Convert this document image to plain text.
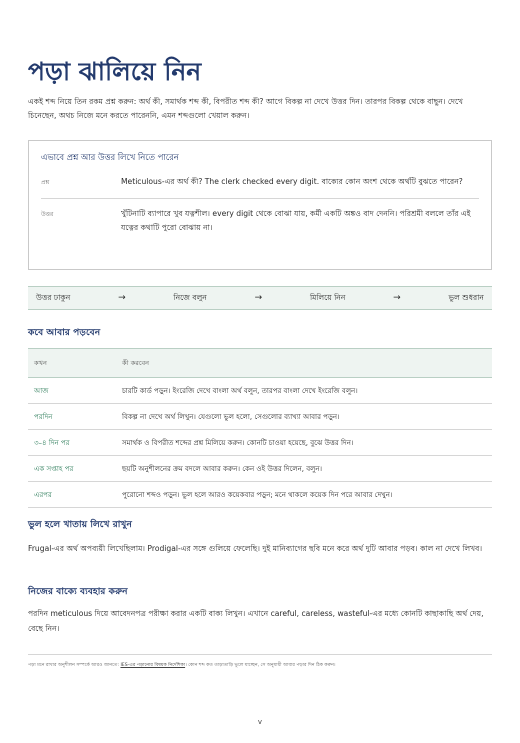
পড়া ঝালিয়ে নিন

একই শব্দ নিয়ে তিন রকম প্রশ্ন করুন: অর্থ কী, সমার্থক শব্দ কী, বিপরীত শব্দ কী? আগে বিকল্প না দেখে উত্তর দিন। তারপর বিকল্প থেকে বাছুন। দেখে চিনেছেন, অথচ নিজে মনে করতে পারেননি, এমন শব্দগুলো খেয়াল করুন।

এভাবে প্রশ্ন আর উত্তর লিখে নিতে পারেন
প্রশ্ন	Meticulous-এর অর্থ কী? The clerk checked every digit. বাক্যের কোন অংশ থেকে অর্থটি বুঝতে পারেন?
উত্তর	খুঁটিনাটি ব্যাপারে খুব যত্নশীল। every digit থেকে বোঝা যায়, কর্মী একটি অঙ্কও বাদ দেননি। পরিশ্রমী বললে তাঁর এই যত্নের কথাটি পুরো বোঝায় না।
উত্তর ঢাকুন	→	নিজে বলুন	→	মিলিয়ে নিন	→	ভুল শুধরান
কবে আবার পড়বেন
কখন	কী করবেন
আজ	চারটি কার্ড পড়ুন। ইংরেজি দেখে বাংলা অর্থ বলুন, তারপর বাংলা দেখে ইংরেজি বলুন।
পরদিন	বিকল্প না দেখে অর্থ লিখুন। যেগুলো ভুল হলো, সেগুলোর ব্যাখ্যা আবার পড়ুন।
৩–৪ দিন পর	সমার্থক ও বিপরীত শব্দের প্রশ্ন মিলিয়ে করুন। কোনটি চাওয়া হয়েছে, বুঝে উত্তর দিন।
এক সপ্তাহ পর	ছয়টি অনুশীলনের ক্রম বদলে আবার করুন। কেন ওই উত্তর দিলেন, বলুন।
এরপর	পুরোনো শব্দও পড়ুন। ভুল হলে আরও কয়েকবার পড়ুন; মনে থাকলে কয়েক দিন পরে আবার দেখুন।
ভুল হলে খাতায় লিখে রাখুন

Frugal-এর অর্থ অপব্যয়ী লিখেছিলাম। Prodigal-এর সঙ্গে গুলিয়ে ফেলেছি। দুই মানিব্যাগের ছবি মনে করে অর্থ দুটি আবার পড়ব। কাল না দেখে লিখব।

নিজের বাক্যে ব্যবহার করুন

পরদিন meticulous দিয়ে আবেদনপত্র পরীক্ষা করার একটি বাক্য লিখুন। এখানে careful, careless, wasteful-এর মধ্যে কোনটি কাছাকাছি অর্থ দেয়, বেছে নিন।

পড়া মনে রাখার অনুশীলন সম্পর্কে আরও জানতে: IES-এর পড়ানোর বিষয়ক নির্দেশিকা। কোন শব্দ কত তাড়াতাড়ি ভুলে যাচ্ছেন, সে অনুযায়ী আবার পড়ার দিন ঠিক করুন।

v
